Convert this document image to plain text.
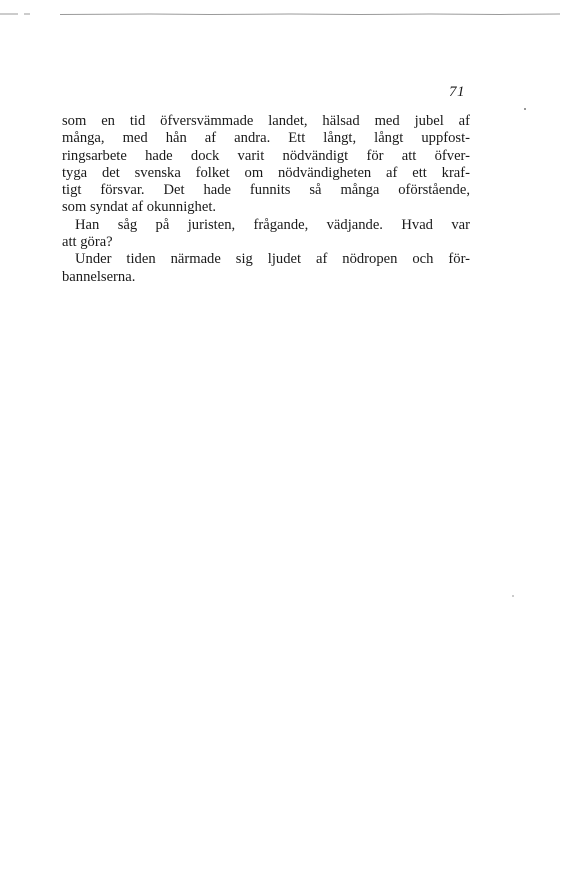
71
som en tid öfversvämmade landet, hälsad med jubel af
många, med hån af andra. Ett långt, långt uppfost-
ringsarbete hade dock varit nödvändigt för att öfver-
tyga det svenska folket om nödvändigheten af ett kraf-
tigt försvar. Det hade funnits så många oförstående,
som syndat af okunnighet.
Han såg på juristen, frågande, vädjande. Hvad var
att göra?
Under tiden närmade sig ljudet af nödropen och för-
bannelserna.
